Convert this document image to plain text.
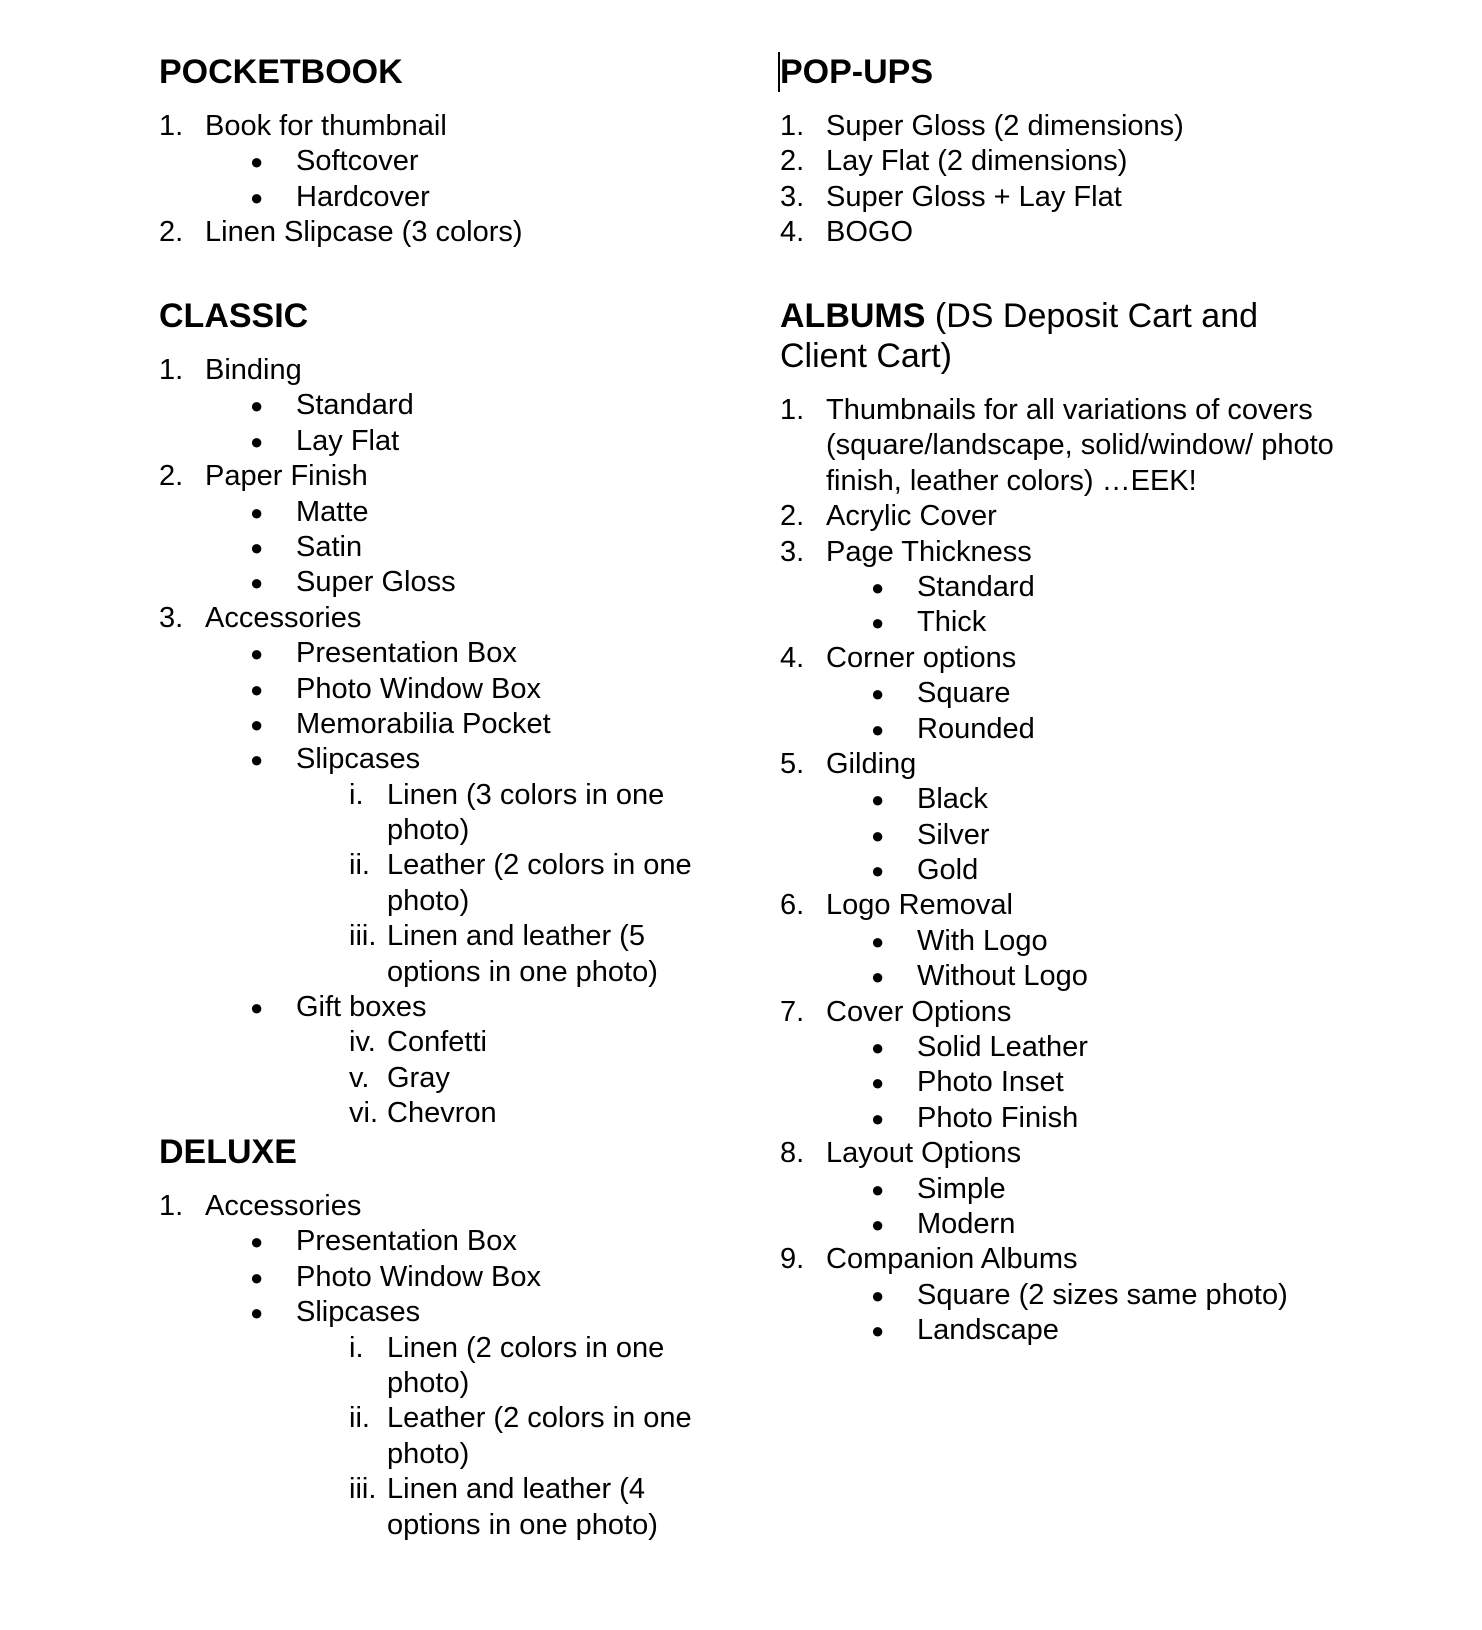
POCKETBOOK
1. Book for thumbnail
● Softcover
● Hardcover
2. Linen Slipcase (3 colors)
CLASSIC
1. Binding
● Standard
● Lay Flat
2. Paper Finish
● Matte
● Satin
● Super Gloss
3. Accessories
● Presentation Box
● Photo Window Box
● Memorabilia Pocket
● Slipcases
i. Linen (3 colors in one photo)
ii. Leather (2 colors in one photo)
iii. Linen and leather (5 options in one photo)
● Gift boxes
iv. Confetti
v. Gray
vi. Chevron
DELUXE
1. Accessories
● Presentation Box
● Photo Window Box
● Slipcases
i. Linen (2 colors in one photo)
ii. Leather (2 colors in one photo)
iii. Linen and leather (4 options in one photo)
POP-UPS
1. Super Gloss (2 dimensions)
2. Lay Flat (2 dimensions)
3. Super Gloss + Lay Flat
4. BOGO
ALBUMS (DS Deposit Cart and Client Cart)
1. Thumbnails for all variations of covers (square/landscape, solid/window/ photo finish, leather colors) …EEK!
2. Acrylic Cover
3. Page Thickness
● Standard
● Thick
4. Corner options
● Square
● Rounded
5. Gilding
● Black
● Silver
● Gold
6. Logo Removal
● With Logo
● Without Logo
7. Cover Options
● Solid Leather
● Photo Inset
● Photo Finish
8. Layout Options
● Simple
● Modern
9. Companion Albums
● Square (2 sizes same photo)
● Landscape
